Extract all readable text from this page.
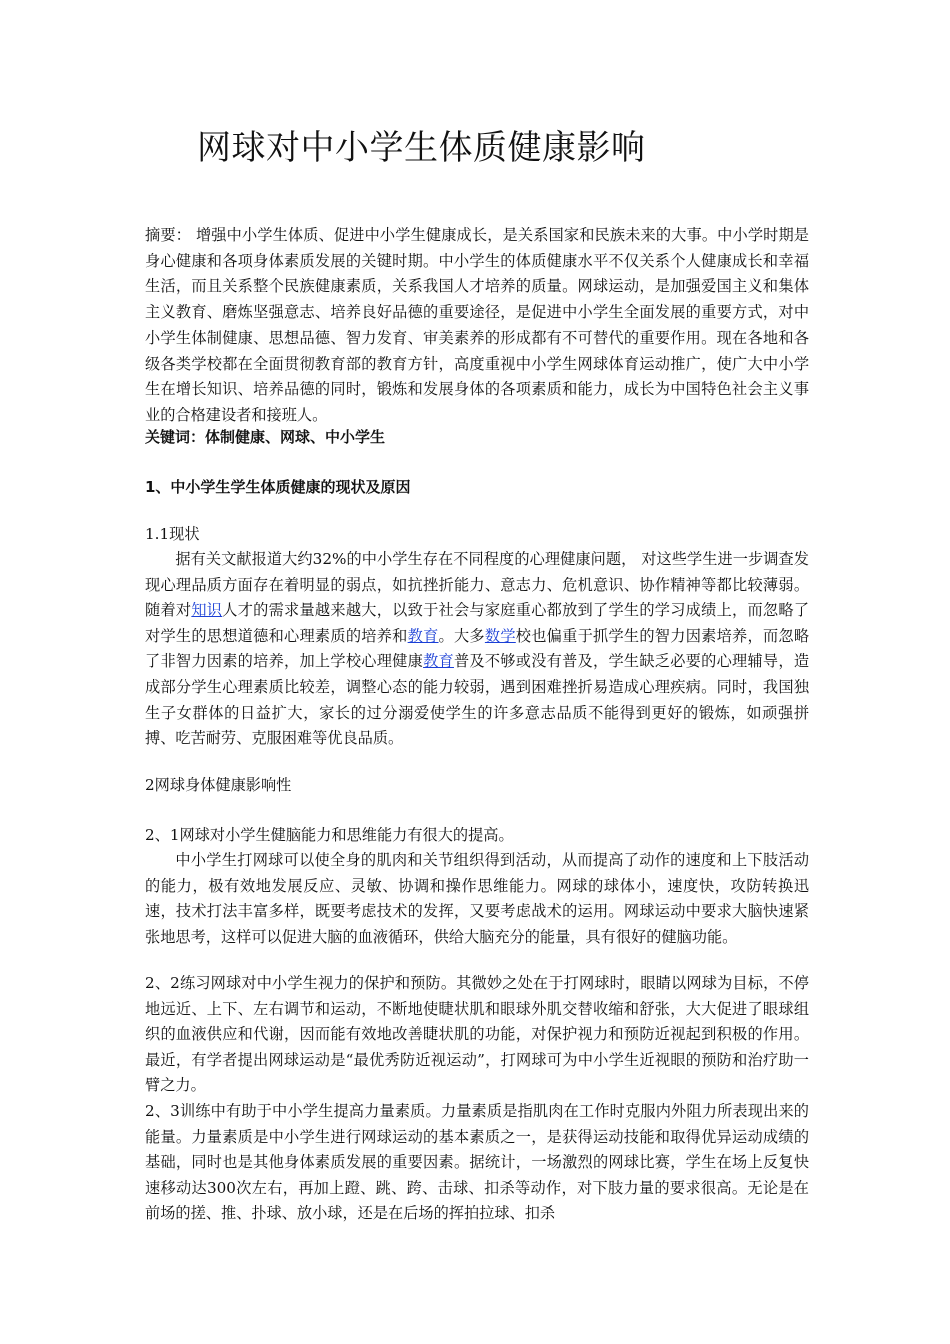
网球对中小学生体质健康影响
摘要： 增强中小学生体质、促进中小学生健康成长，是关系国家和民族未来的大事。中小学时期是身心健康和各项身体素质发展的关键时期。中小学生的体质健康水平不仅关系个人健康成长和幸福生活，而且关系整个民族健康素质，关系我国人才培养的质量。网球运动，是加强爱国主义和集体主义教育、磨炼坚强意志、培养良好品德的重要途径，是促进中小学生全面发展的重要方式，对中小学生体制健康、思想品德、智力发育、审美素养的形成都有不可替代的重要作用。现在各地和各级各类学校都在全面贯彻教育部的教育方针，高度重视中小学生网球体育运动推广，使广大中小学生在增长知识、培养品德的同时，锻炼和发展身体的各项素质和能力，成长为中国特色社会主义事业的合格建设者和接班人。
关键词：体制健康、网球、中小学生
1、中小学生学生体质健康的现状及原因
1.1现状
据有关文献报道大约32%的中小学生存在不同程度的心理健康问题， 对这些学生进一步调查发现心理品质方面存在着明显的弱点，如抗挫折能力、意志力、危机意识、协作精神等都比较薄弱。 随着对知识人才的需求量越来越大，以致于社会与家庭重心都放到了学生的学习成绩上，而忽略了对学生的思想道德和心理素质的培养和教育。大多数学校也偏重于抓学生的智力因素培养，而忽略了非智力因素的培养，加上学校心理健康教育普及不够或没有普及，学生缺乏必要的心理辅导，造成部分学生心理素质比较差，调整心态的能力较弱，遇到困难挫折易造成心理疾病。同时，我国独生子女群体的日益扩大，家长的过分溺爱使学生的许多意志品质不能得到更好的锻炼，如顽强拼搏、吃苦耐劳、克服困难等优良品质。
2网球身体健康影响性
2、1网球对小学生健脑能力和思维能力有很大的提高。
中小学生打网球可以使全身的肌肉和关节组织得到活动，从而提高了动作的速度和上下肢活动的能力，极有效地发展反应、灵敏、协调和操作思维能力。网球的球体小，速度快，攻防转换迅速，技术打法丰富多样，既要考虑技术的发挥，又要考虑战术的运用。网球运动中要求大脑快速紧张地思考，这样可以促进大脑的血液循环，供给大脑充分的能量，具有很好的健脑功能。
2、2练习网球对中小学生视力的保护和预防。其微妙之处在于打网球时，眼睛以网球为目标，不停地远近、上下、左右调节和运动，不断地使睫状肌和眼球外肌交替收缩和舒张，大大促进了眼球组织的血液供应和代谢，因而能有效地改善睫状肌的功能，对保护视力和预防近视起到积极的作用。最近，有学者提出网球运动是“最优秀防近视运动”，打网球可为中小学生近视眼的预防和治疗助一臂之力。
2、3训练中有助于中小学生提高力量素质。力量素质是指肌肉在工作时克服内外阻力所表现出来的能量。力量素质是中小学生进行网球运动的基本素质之一，是获得运动技能和取得优异运动成绩的基础，同时也是其他身体素质发展的重要因素。据统计，一场激烈的网球比赛，学生在场上反复快速移动达300次左右，再加上蹬、跳、跨、击球、扣杀等动作，对下肢力量的要求很高。无论是在前场的搓、推、扑球、放小球，还是在后场的挥拍拉球、扣杀
